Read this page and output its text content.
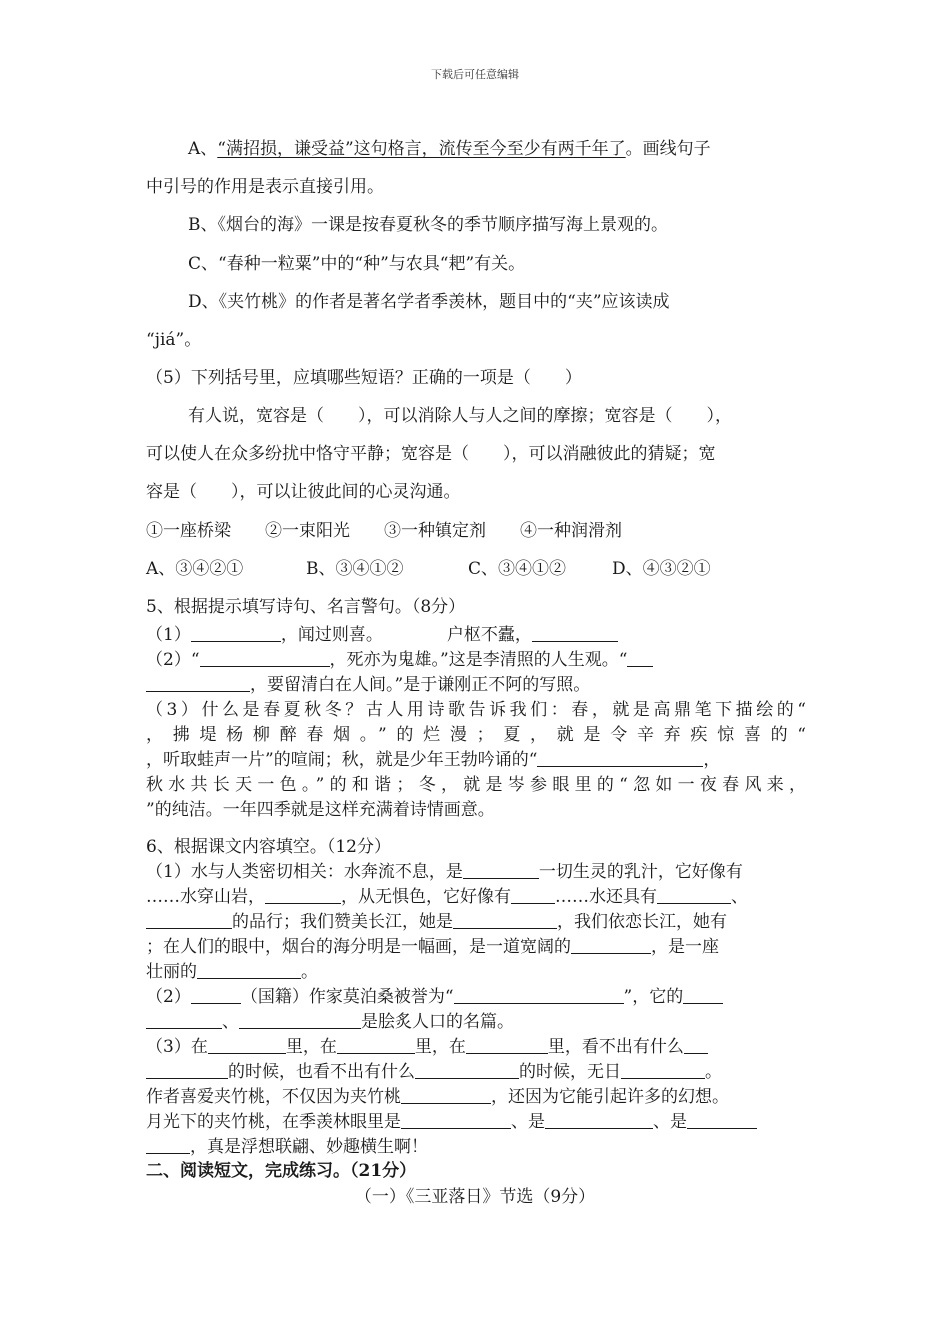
下载后可任意编辑
A、“满招损，谦受益”这句格言，流传至今至少有两千年了。画线句子
中引号的作用是表示直接引用。
B、《烟台的海》一课是按春夏秋冬的季节顺序描写海上景观的。
C、“春种一粒粟”中的“种”与农具“耙”有关。
D、《夹竹桃》的作者是著名学者季羡林，题目中的“夹”应该读成
“jiá”。
（5）下列括号里，应填哪些短语？正确的一项是（　　）
有人说，宽容是（　　），可以消除人与人之间的摩擦；宽容是（　　），
可以使人在众多纷扰中恪守平静；宽容是（　　），可以消融彼此的猜疑；宽
容是（　　），可以让彼此间的心灵沟通。
①一座桥梁　　②一束阳光　　③一种镇定剂　　④一种润滑剂
A、③④②①	B、③④①②	C、③④①②	D、④③②①
5、根据提示填写诗句、名言警句。（8分）
（1）	，闻过则喜。	户枢不蠹，
（2）“	，死亦为鬼雄。”这是李清照的人生观。“
，要留清白在人间。”是于谦刚正不阿的写照。
（3）什么是春夏秋冬？古人用诗歌告诉我们：春，就是高鼎笔下描绘的“
，拂堤杨柳醉春烟。”的烂漫；夏，就是令辛弃疾惊喜的“
，听取蛙声一片”的喧闹；秋，就是少年王勃吟诵的“	，
秋水共长天一色。”的和谐；冬，就是岑参眼里的“忽如一夜春风来，
”的纯洁。一年四季就是这样充满着诗情画意。
6、根据课文内容填空。（12分）
（1）水与人类密切相关：水奔流不息，是	一切生灵的乳汁，它好像有
……水穿山岩，	，从无惧色，它好像有	……水还具有	、
的品行；我们赞美长江，她是	，我们依恋长江，她有
；在人们的眼中，烟台的海分明是一幅画，是一道宽阔的	，是一座
壮丽的	。
（2）	（国籍）作家莫泊桑被誉为“	”，它的
、	是脍炙人口的名篇。
（3）在	里，在	里，在	里，看不出有什么
的时候，也看不出有什么	的时候，无日	。
作者喜爱夹竹桃，不仅因为夹竹桃	，还因为它能引起许多的幻想。
月光下的夹竹桃，在季羡林眼里是	、是	、是
，真是浮想联翩、妙趣横生啊！
二、阅读短文，完成练习。（21分）
（一）《三亚落日》节选（9分）
